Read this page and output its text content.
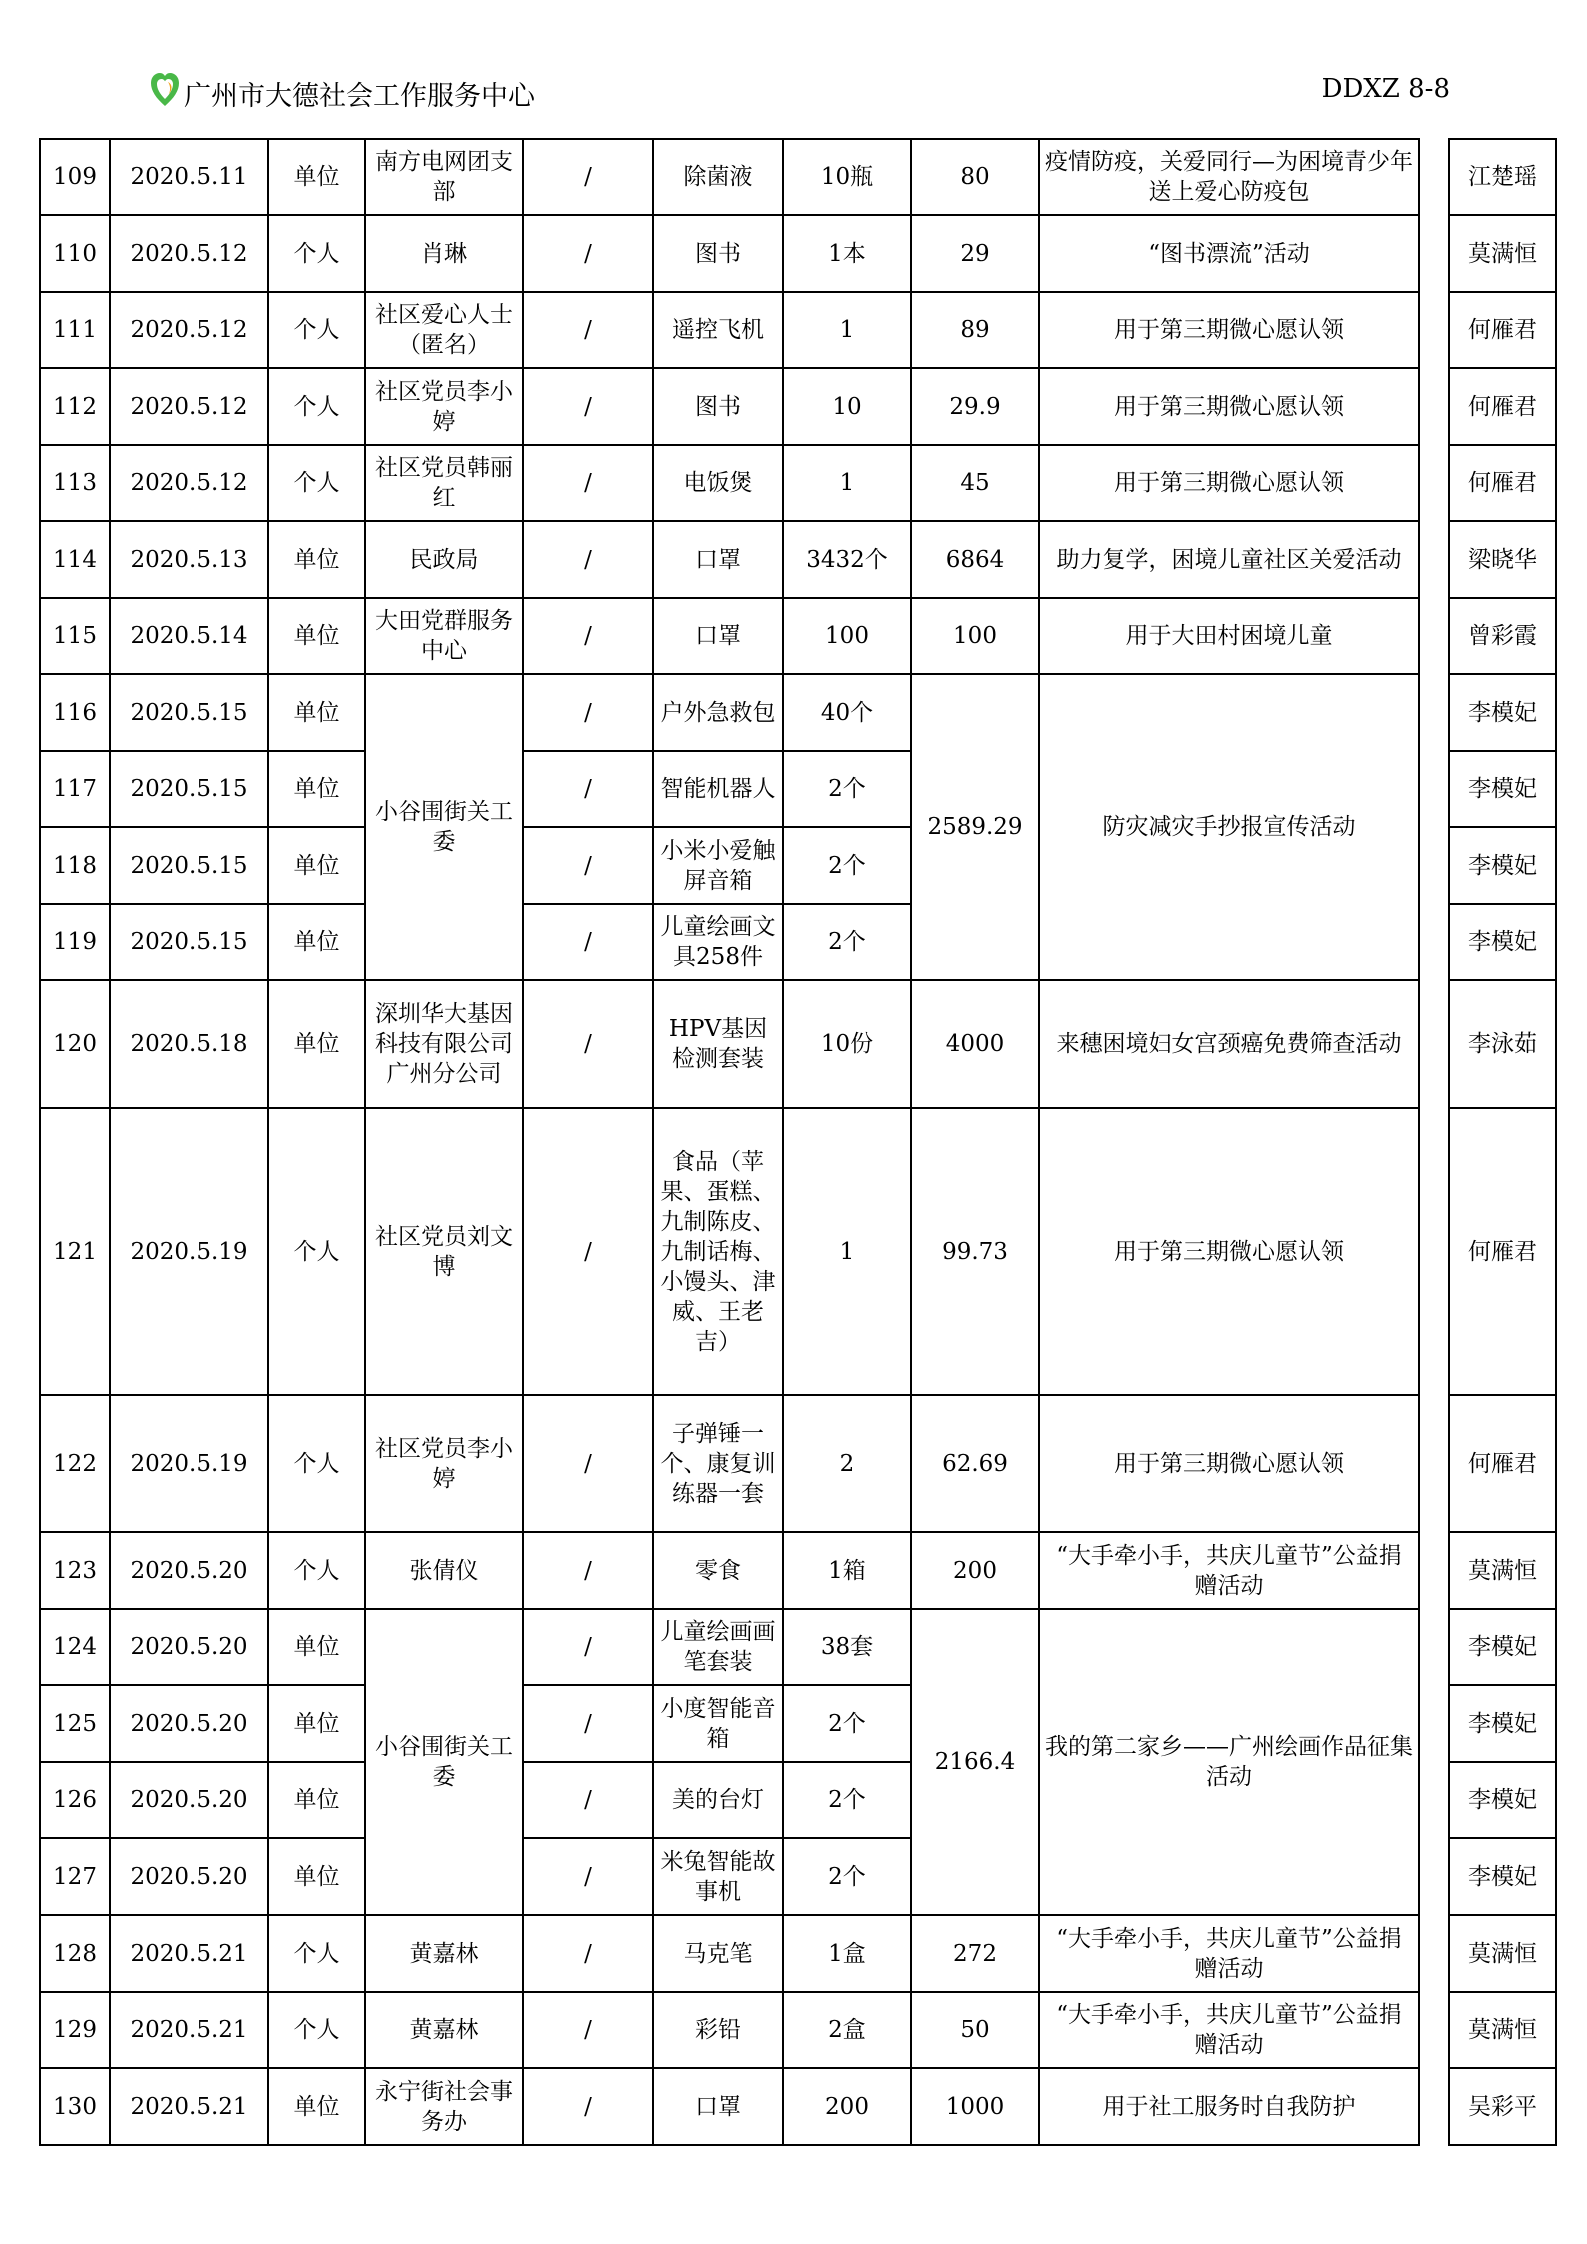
广州市大德社会工作服务中心	DDXZ 8-8
109	2020.5.11	单位	南方电网团支部	/	除菌液	10瓶	80	疫情防疫，关爱同行—为困境青少年送上爱心防疫包		江楚瑶
110	2020.5.12	个人	肖琳	/	图书	1本	29	“图书漂流”活动		莫满恒
111	2020.5.12	个人	社区爱心人士（匿名）	/	遥控飞机	1	89	用于第三期微心愿认领		何雁君
112	2020.5.12	个人	社区党员李小婷	/	图书	10	29.9	用于第三期微心愿认领		何雁君
113	2020.5.12	个人	社区党员韩丽红	/	电饭煲	1	45	用于第三期微心愿认领		何雁君
114	2020.5.13	单位	民政局	/	口罩	3432个	6864	助力复学，困境儿童社区关爱活动		梁晓华
115	2020.5.14	单位	大田党群服务中心	/	口罩	100	100	用于大田村困境儿童		曾彩霞
116	2020.5.15	单位	小谷围街关工委	/	户外急救包	40个	2589.29	防灾减灾手抄报宣传活动		李模妃
117	2020.5.15	单位		/	智能机器人	2个				李模妃
118	2020.5.15	单位		/	小米小爱触屏音箱	2个				李模妃
119	2020.5.15	单位		/	儿童绘画文具258件	2个				李模妃
120	2020.5.18	单位	深圳华大基因科技有限公司广州分公司	/	HPV基因检测套装	10份	4000	来穗困境妇女宫颈癌免费筛查活动		李泳茹
121	2020.5.19	个人	社区党员刘文博	/	食品（苹果、蛋糕、九制陈皮、九制话梅、小馒头、津威、王老吉）	1	99.73	用于第三期微心愿认领		何雁君
122	2020.5.19	个人	社区党员李小婷	/	子弹锤一个、康复训练器一套	2	62.69	用于第三期微心愿认领		何雁君
123	2020.5.20	个人	张倩仪	/	零食	1箱	200	“大手牵小手，共庆儿童节”公益捐赠活动		莫满恒
124	2020.5.20	单位	小谷围街关工委	/	儿童绘画画笔套装	38套	2166.4	我的第二家乡——广州绘画作品征集活动		李模妃
125	2020.5.20	单位		/	小度智能音箱	2个				李模妃
126	2020.5.20	单位		/	美的台灯	2个				李模妃
127	2020.5.20	单位		/	米兔智能故事机	2个				李模妃
128	2020.5.21	个人	黄嘉林	/	马克笔	1盒	272	“大手牵小手，共庆儿童节”公益捐赠活动		莫满恒
129	2020.5.21	个人	黄嘉林	/	彩铅	2盒	50	“大手牵小手，共庆儿童节”公益捐赠活动		莫满恒
130	2020.5.21	单位	永宁街社会事务办	/	口罩	200	1000	用于社工服务时自我防护		吴彩平
